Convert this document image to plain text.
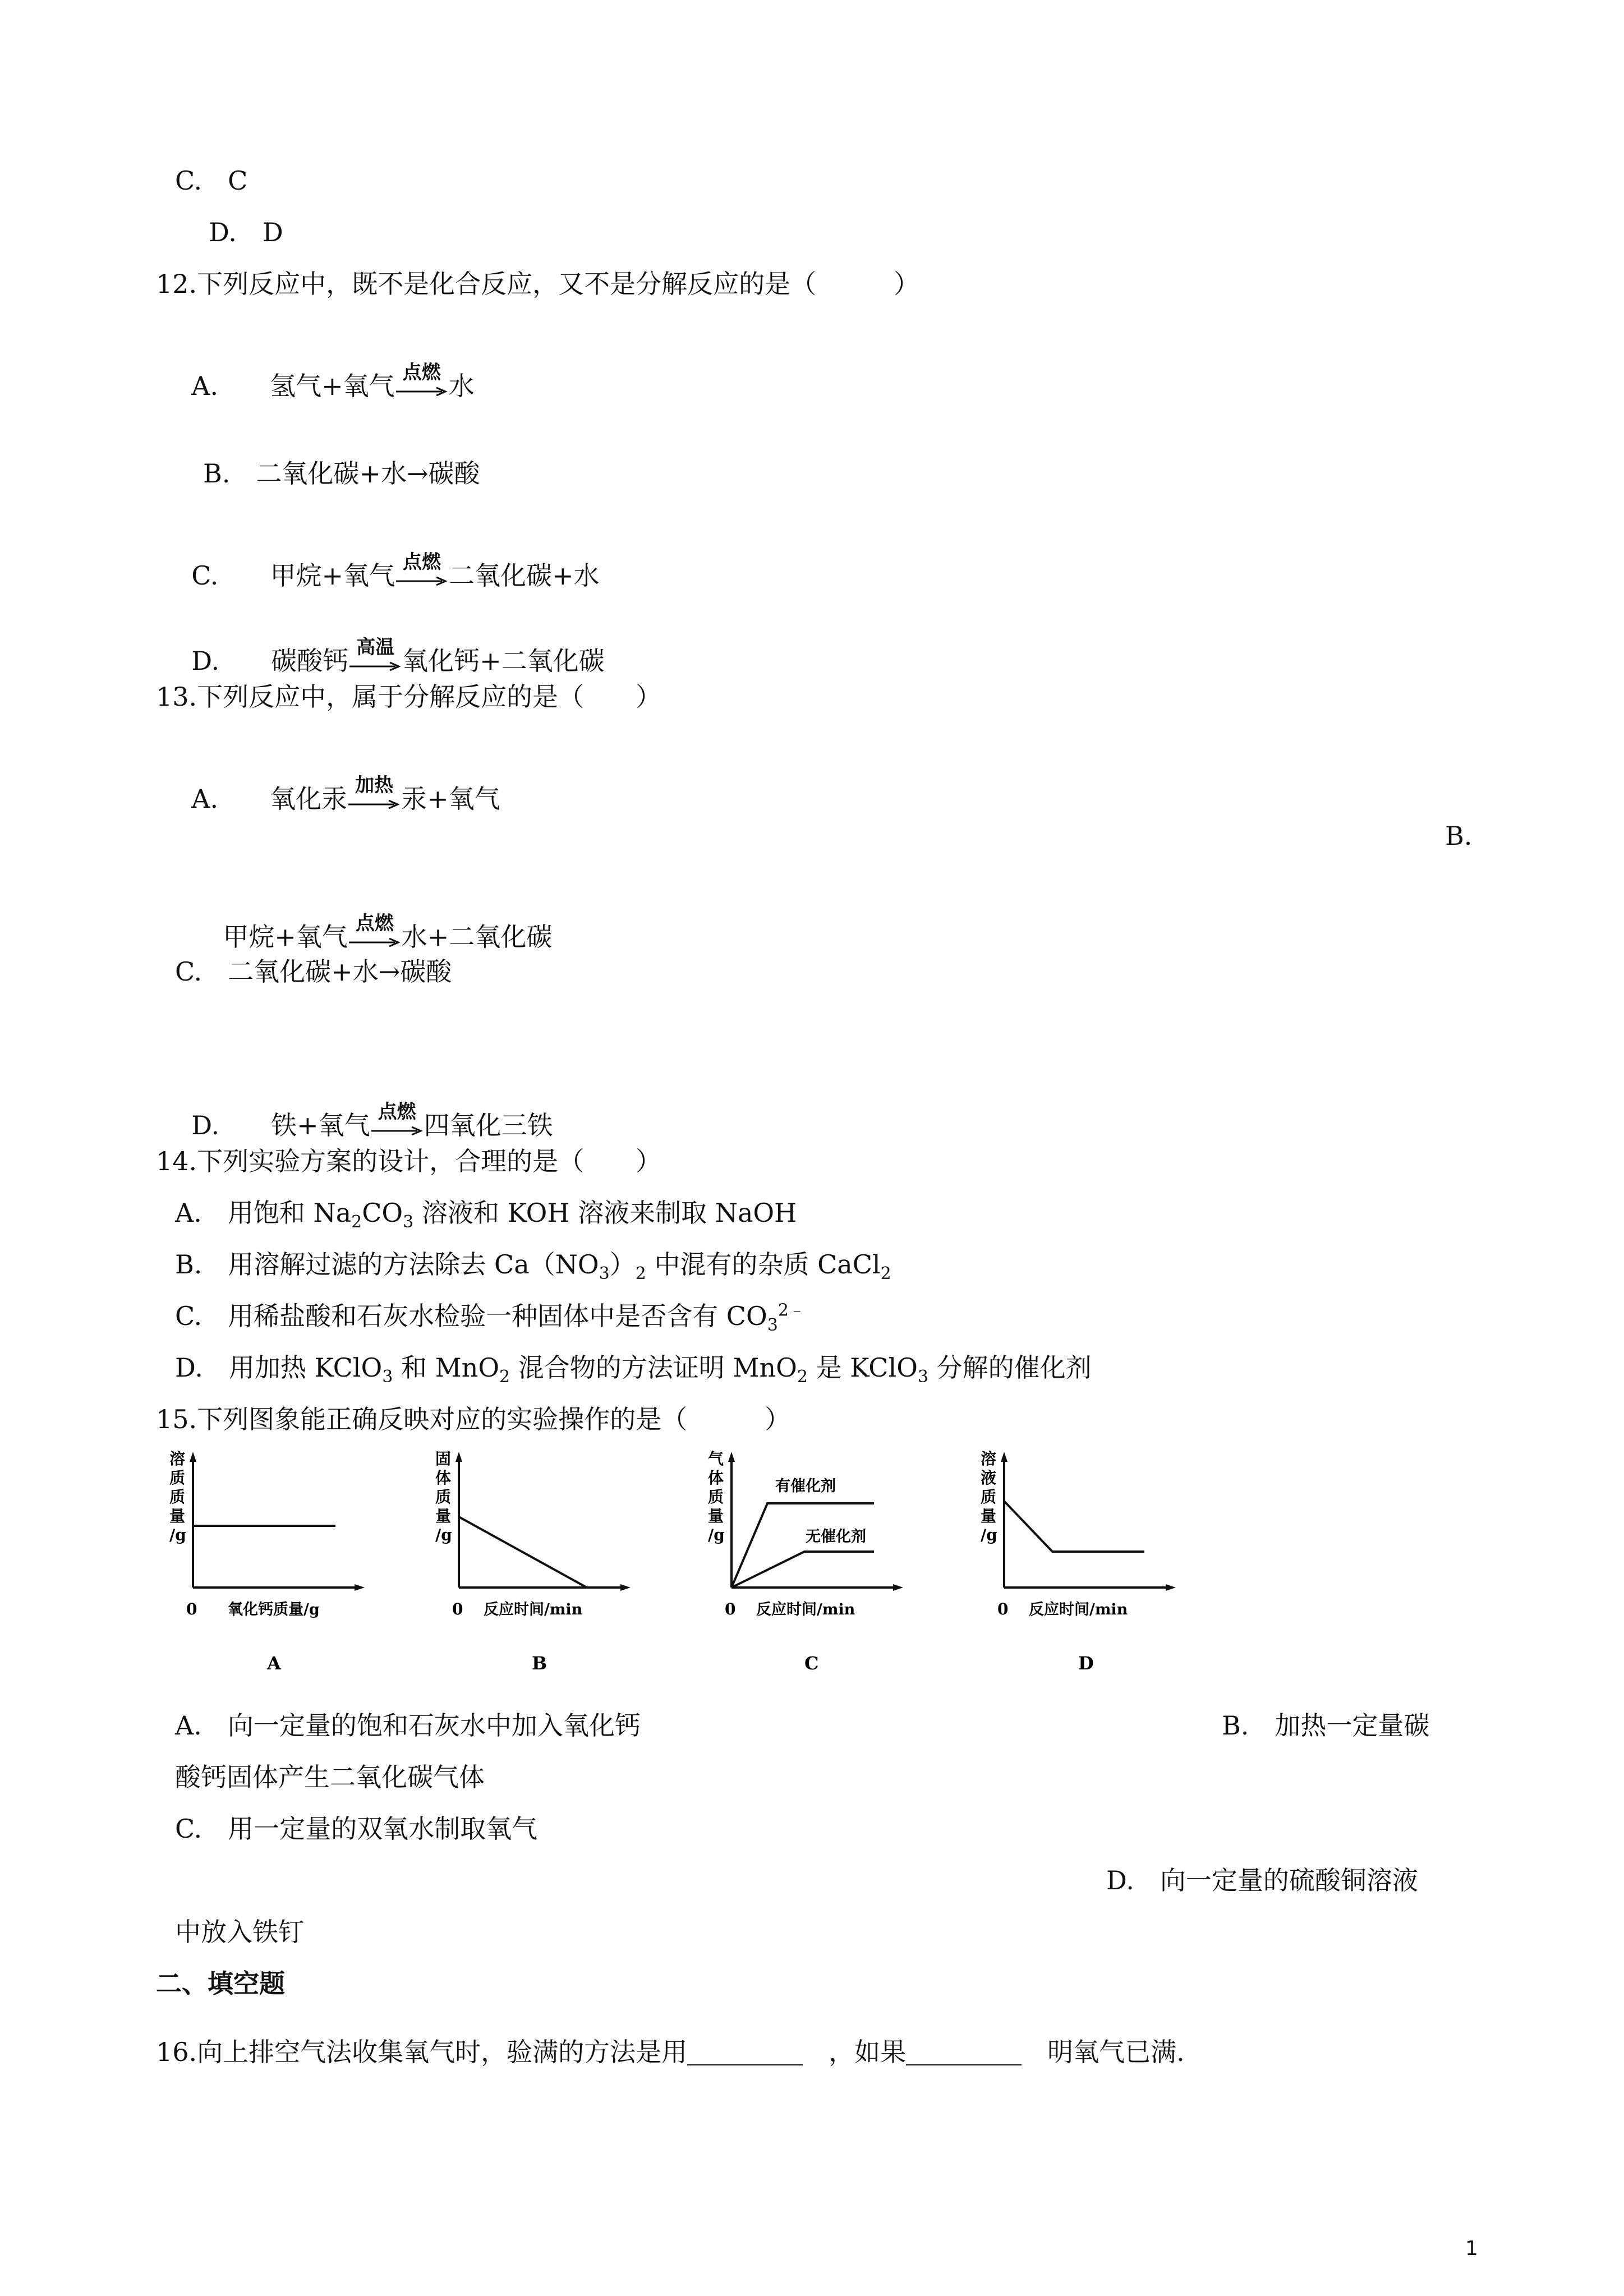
C.　C
D.　D
12.下列反应中，既不是化合反应，又不是分解反应的是（　　　）

A.　　 氢气+氧气 点燃 水

B.　二氧化碳+水→碳酸

C.　　 甲烷+氧气 点燃 二氧化碳+水

D.　　 碳酸钙 高温 氧化钙+二氧化碳

13.下列反应中，属于分解反应的是（　　）

A.　　 氧化汞 加热 汞+氧气

B.

甲烷+氧气 点燃 水+二氧化碳

C.　二氧化碳+水→碳酸

D.　　 铁+氧气 点燃 四氧化三铁

14.下列实验方案的设计，合理的是（　　）
A.　用饱和 $Na_2CO_3$ 溶液和 KOH 溶液来制取 NaOH
B.　用溶解过滤的方法除去 $Ca(NO_3)_2$ 中混有的杂质 CaCl$_2$
C.　用稀盐酸和石灰水检验一种固体中是否含有 $CO_3^{2﹣}$
D.　用加热 KClO$_3$ 和 MnO$_2$ 混合物的方法证明 MnO$_2$ 是 KClO$_3$ 分解的催化剂
15.下列图象能正确反映对应的实验操作的是（　　　）
溶质质量/g
0 氧化钙质量/g
A
固体质量/g
0 反应时间/min
B
气体质量/g
有催化剂
无催化剂
0 反应时间/min
C
溶液质量/g
0 反应时间/min
D
A.　向一定量的饱和石灰水中加入氧化钙	B.　加热一定量碳
酸钙固体产生二氧化碳气体
C.　用一定量的双氧水制取氧气
D.　向一定量的硫酸铜溶液
中放入铁钉
二、填空题
16.向上排空气法收集氧气时，验满的方法是用	　，如果	　明氧气已满.
1
